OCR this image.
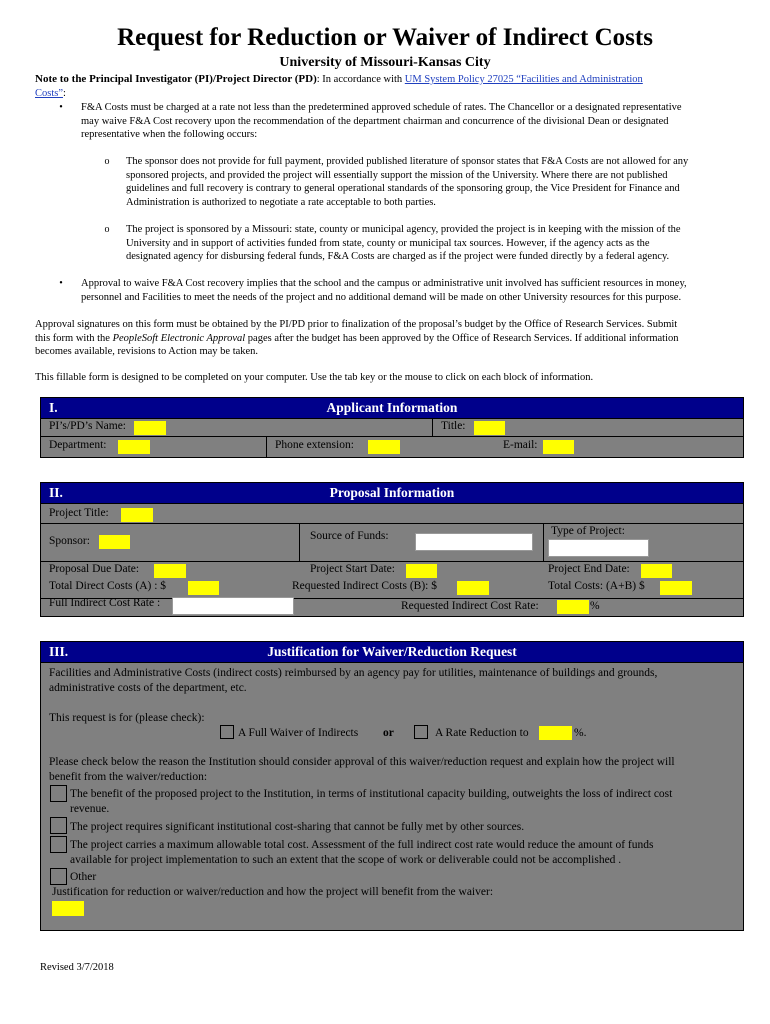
Request for Reduction or Waiver of Indirect Costs
University of Missouri-Kansas City
Note to the Principal Investigator (PI)/Project Director (PD): In accordance with UM System Policy 27025 “Facilities and Administration
Costs”:
•	F&A Costs must be charged at a rate not less than the predetermined approved schedule of rates. The Chancellor or a designated representative
may waive F&A Cost recovery upon the recommendation of the department chairman and concurrence of the divisional Dean or designated
representative when the following occurs:
o The sponsor does not provide for full payment, provided published literature of sponsor states that F&A Costs are not allowed for any
sponsored projects, and provided the project will essentially support the mission of the University. Where there are not published
guidelines and full recovery is contrary to general operational standards of the sponsoring group, the Vice President for Finance and
Administration is authorized to negotiate a rate acceptable to both parties.
o The project is sponsored by a Missouri: state, county or municipal agency, provided the project is in keeping with the mission of the
University and in support of activities funded from state, county or municipal tax sources. However, if the agency acts as the
designated agency for disbursing federal funds, F&A Costs are charged as if the project were funded directly by a federal agency.
•	Approval to waive F&A Cost recovery implies that the school and the campus or administrative unit involved has sufficient resources in money,
personnel and Facilities to meet the needs of the project and no additional demand will be made on other University resources for this purpose.
Approval signatures on this form must be obtained by the PI/PD prior to finalization of the proposal’s budget by the Office of Research Services. Submit
this form with the PeopleSoft Electronic Approval pages after the budget has been approved by the Office of Research Services. If additional information
becomes available, revisions to Action may be taken.
This fillable form is designed to be completed on your computer. Use the tab key or the mouse to click on each block of information.
I.	Applicant Information
PI’s/PD’s Name:	Title:
Department:	Phone extension:	E-mail:
II.	Proposal Information
Project Title:
Sponsor:	Source of Funds:	Type of Project:
Proposal Due Date:	Project Start Date:	Project End Date:
Total Direct Costs (A) : $	Requested Indirect Costs (B): $	Total Costs: (A+B) $
Full Indirect Cost Rate :	Requested Indirect Cost Rate:	%
III.	Justification for Waiver/Reduction Request
Facilities and Administrative Costs (indirect costs) reimbursed by an agency pay for utilities, maintenance of buildings and grounds,
administrative costs of the department, etc.
This request is for (please check):
A Full Waiver of Indirects or	A Rate Reduction to	%.
Please check below the reason the Institution should consider approval of this waiver/reduction request and explain how the project will
benefit from the waiver/reduction:
The benefit of the proposed project to the Institution, in terms of institutional capacity building, outweights the loss of indirect cost
revenue.
The project requires significant institutional cost-sharing that cannot be fully met by other sources.
The project carries a maximum allowable total cost. Assessment of the full indirect cost rate would reduce the amount of funds
available for project implementation to such an extent that the scope of work or deliverable could not be accomplished .
Other
Justification for reduction or waiver/reduction and how the project will benefit from the waiver:
Revised 3/7/2018
